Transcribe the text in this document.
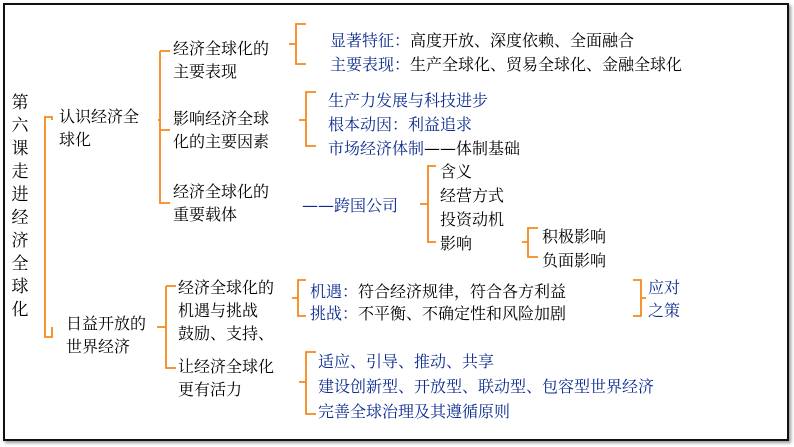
第六课 走进经济全球化
认识经济全
球化
经济全球化的
主要表现
显著特征：高度开放、深度依赖、全面融合
主要表现：生产全球化、贸易全球化、金融全球化
影响经济全球
化的主要因素
生产力发展与科技进步
根本动因：利益追求
市场经济体制——体制基础
经济全球化的
重要载体	——跨国公司
含义
经营方式
投资动机
影响	积极影响
负面影响
日益开放的
世界经济
经济全球化的
机遇与挑战
机遇：符合经济规律，符合各方利益
挑战：不平衡、不确定性和风险加剧
应对
之策
鼓励、支持、
让经济全球化
更有活力
适应、引导、推动、共享
建设创新型、开放型、联动型、包容型世界经济
完善全球治理及其遵循原则
